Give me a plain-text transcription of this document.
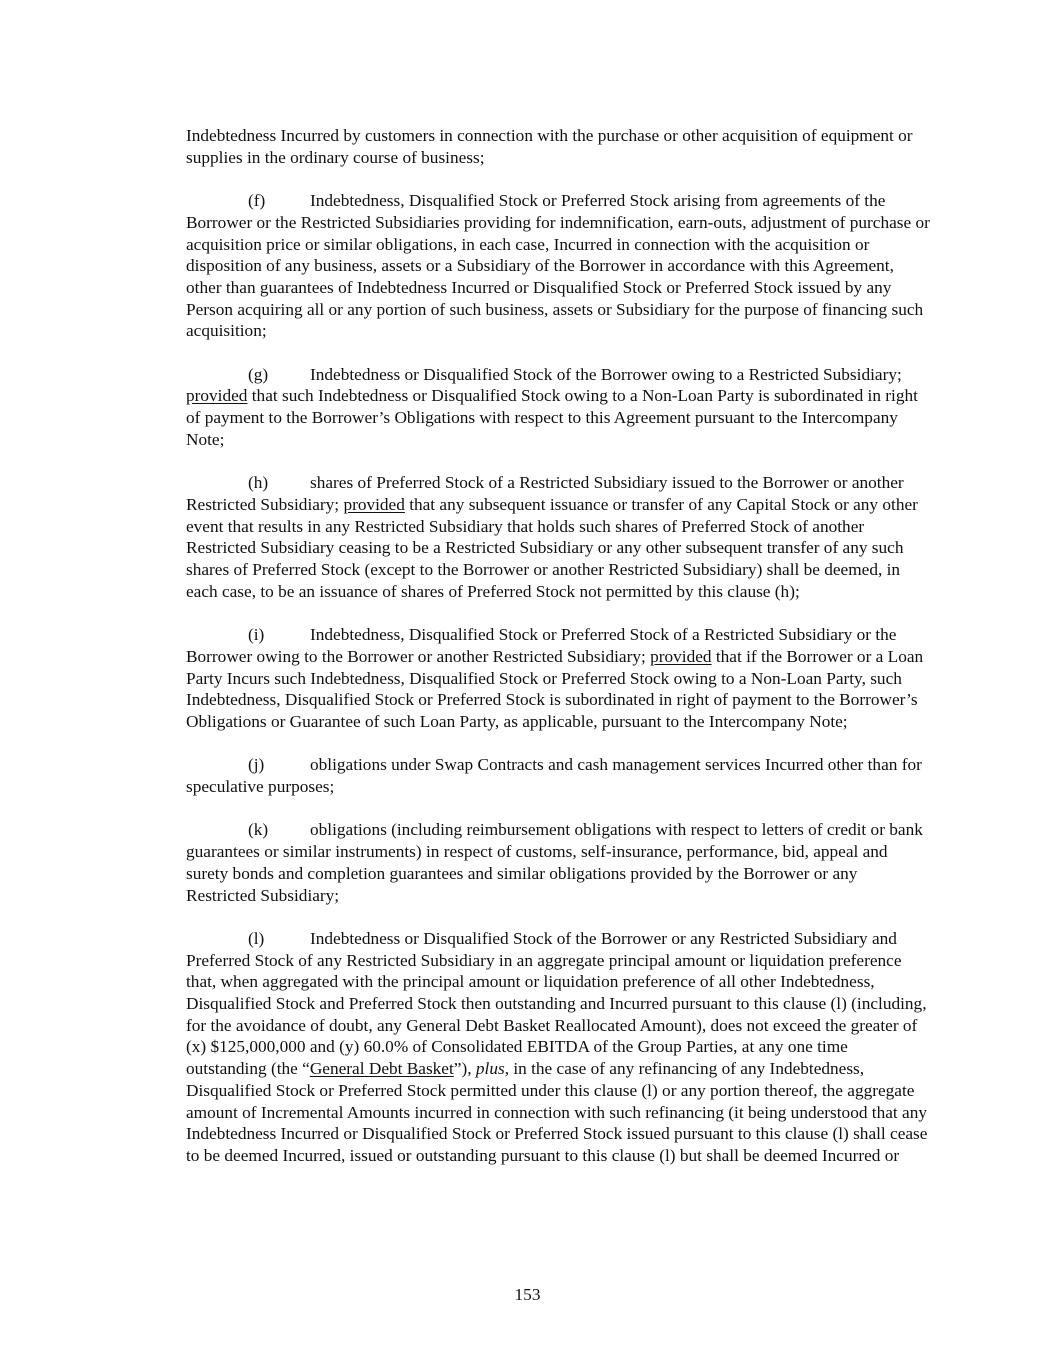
Indebtedness Incurred by customers in connection with the purchase or other acquisition of equipment or supplies in the ordinary course of business;

(f)	Indebtedness, Disqualified Stock or Preferred Stock arising from agreements of the Borrower or the Restricted Subsidiaries providing for indemnification, earn-outs, adjustment of purchase or acquisition price or similar obligations, in each case, Incurred in connection with the acquisition or disposition of any business, assets or a Subsidiary of the Borrower in accordance with this Agreement, other than guarantees of Indebtedness Incurred or Disqualified Stock or Preferred Stock issued by any Person acquiring all or any portion of such business, assets or Subsidiary for the purpose of financing such acquisition;

(g) Indebtedness or Disqualified Stock of the Borrower owing to a Restricted Subsidiary; provided that such Indebtedness or Disqualified Stock owing to a Non-Loan Party is subordinated in right of payment to the Borrower’s Obligations with respect to this Agreement pursuant to the Intercompany Note;

(h) shares of Preferred Stock of a Restricted Subsidiary issued to the Borrower or another Restricted Subsidiary; provided that any subsequent issuance or transfer of any Capital Stock or any other event that results in any Restricted Subsidiary that holds such shares of Preferred Stock of another Restricted Subsidiary ceasing to be a Restricted Subsidiary or any other subsequent transfer of any such shares of Preferred Stock (except to the Borrower or another Restricted Subsidiary) shall be deemed, in each case, to be an issuance of shares of Preferred Stock not permitted by this clause (h);

(i)	Indebtedness, Disqualified Stock or Preferred Stock of a Restricted Subsidiary or the Borrower owing to the Borrower or another Restricted Subsidiary; provided that if the Borrower or a Loan Party Incurs such Indebtedness, Disqualified Stock or Preferred Stock owing to a Non-Loan Party, such Indebtedness, Disqualified Stock or Preferred Stock is subordinated in right of payment to the Borrower’s Obligations or Guarantee of such Loan Party, as applicable, pursuant to the Intercompany Note;

(j)	obligations under Swap Contracts and cash management services Incurred other than for speculative purposes;

(k) obligations (including reimbursement obligations with respect to letters of credit or bank guarantees or similar instruments) in respect of customs, self-insurance, performance, bid, appeal and surety bonds and completion guarantees and similar obligations provided by the Borrower or any Restricted Subsidiary;

(l)	Indebtedness or Disqualified Stock of the Borrower or any Restricted Subsidiary and Preferred Stock of any Restricted Subsidiary in an aggregate principal amount or liquidation preference that, when aggregated with the principal amount or liquidation preference of all other Indebtedness, Disqualified Stock and Preferred Stock then outstanding and Incurred pursuant to this clause (l) (including, for the avoidance of doubt, any General Debt Basket Reallocated Amount), does not exceed the greater of (x) $125,000,000 and (y) 60.0% of Consolidated EBITDA of the Group Parties, at any one time outstanding (the “General Debt Basket”), plus, in the case of any refinancing of any Indebtedness, Disqualified Stock or Preferred Stock permitted under this clause (l) or any portion thereof, the aggregate amount of Incremental Amounts incurred in connection with such refinancing (it being understood that any Indebtedness Incurred or Disqualified Stock or Preferred Stock issued pursuant to this clause (l) shall cease to be deemed Incurred, issued or outstanding pursuant to this clause (l) but shall be deemed Incurred or

153
